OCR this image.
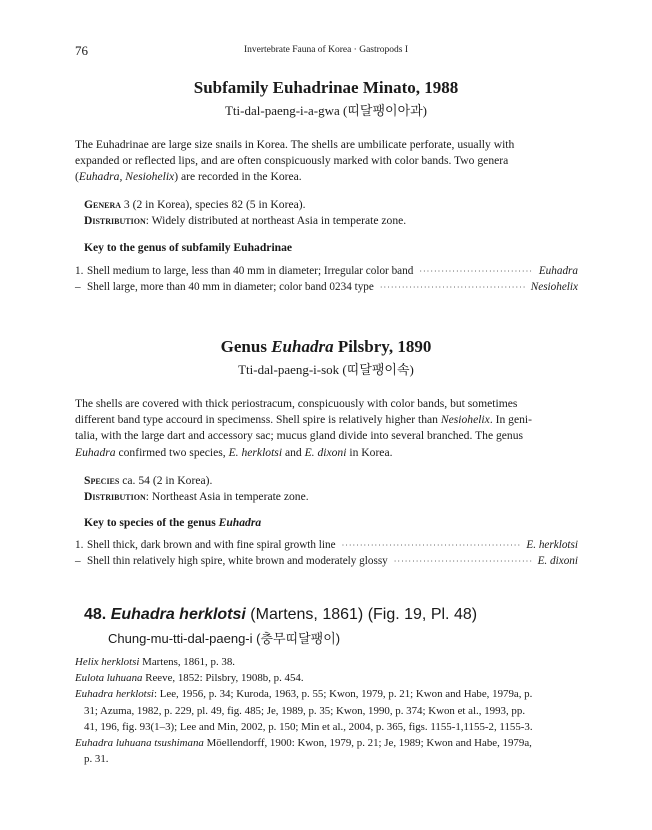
76	Invertebrate Fauna of Korea · Gastropods I
Subfamily Euhadrinae Minato, 1988
Tti-dal-paeng-i-a-gwa (띠달팽이아과)
The Euhadrinae are large size snails in Korea. The shells are umbilicate perforate, usually with
expanded or reflected lips, and are often conspicuously marked with color bands. Two genera
(Euhadra, Nesiohelix) are recorded in the Korea.
Genera 3 (2 in Korea), species 82 (5 in Korea).
Distribution: Widely distributed at northeast Asia in temperate zone.
Key to the genus of subfamily Euhadrinae
1. Shell medium to large, less than 40 mm in diameter; Irregular color band ·····	Euhadra
– Shell large, more than 40 mm in diameter; color band 0234 type ·····	Nesiohelix
Genus Euhadra Pilsbry, 1890
Tti-dal-paeng-i-sok (띠달팽이속)
The shells are covered with thick periostracum, conspicuously with color bands, but sometimes
different band type accourd in specimenss. Shell spire is relatively higher than Nesiohelix. In geni-
talia, with the large dart and accessory sac; mucus gland divide into several branched. The genus
Euhadra confirmed two species, E. herklotsi and E. dixoni in Korea.
Species ca. 54 (2 in Korea).
Distribution: Northeast Asia in temperate zone.
Key to species of the genus Euhadra
1. Shell thick, dark brown and with fine spiral growth line ·····	E. herklotsi
– Shell thin relatively high spire, white brown and moderately glossy ·····	E. dixoni
48. Euhadra herklotsi (Martens, 1861) (Fig. 19, Pl. 48)
Chung-mu-tti-dal-paeng-i (충무띠달팽이)
Helix herklotsi Martens, 1861, p. 38.
Eulota luhuana Reeve, 1852: Pilsbry, 1908b, p. 454.
Euhadra herklotsi: Lee, 1956, p. 34; Kuroda, 1963, p. 55; Kwon, 1979, p. 21; Kwon and Habe, 1979a, p.
31; Azuma, 1982, p. 229, pl. 49, fig. 485; Je, 1989, p. 35; Kwon, 1990, p. 374; Kwon et al., 1993, pp.
41, 196, fig. 93(1–3); Lee and Min, 2002, p. 150; Min et al., 2004, p. 365, figs. 1155-1,1155-2, 1155-3.
Euhadra luhuana tsushimana Möellendorff, 1900: Kwon, 1979, p. 21; Je, 1989; Kwon and Habe, 1979a,
p. 31.
